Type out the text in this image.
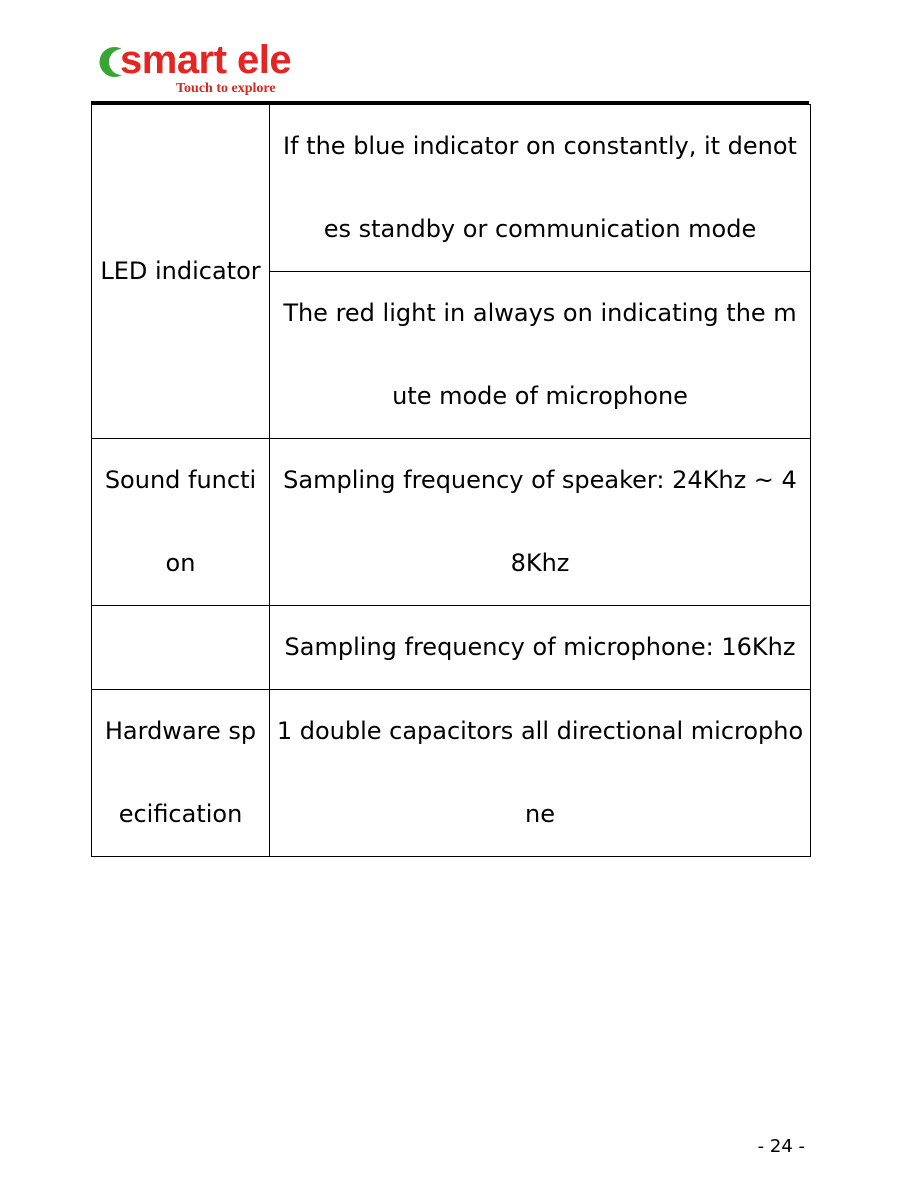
smart ele
Touch to explore
LED indicator	If the blue indicator on constantly, it denotes standby or communication mode
	The red light in always on indicating the mute mode of microphone
Sound function	Sampling frequency of speaker: 24Khz ~ 48Khz
	Sampling frequency of microphone: 16Khz
Hardware specification	1 double capacitors all directional microphone
- 24 -
